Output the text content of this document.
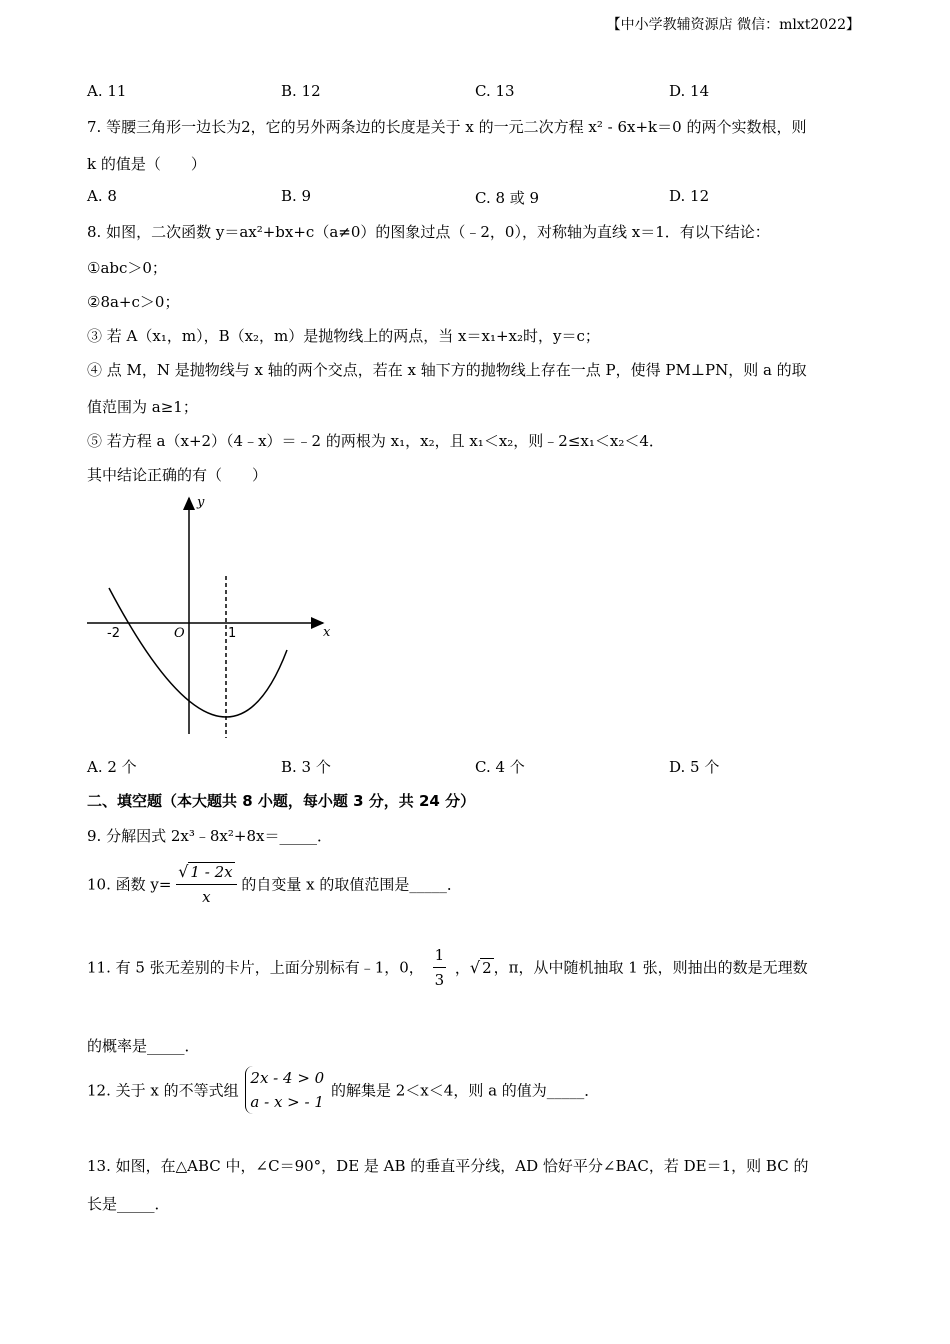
【中小学教辅资源店 微信：mlxt2022】
A. 11	B. 12	C. 13	D. 14
7. 等腰三角形一边长为2，它的另外两条边的长度是关于 x 的一元二次方程 x² - 6x+k＝0 的两个实数根，则
k 的值是（　　）
A. 8	B. 9	C. 8 或 9	D. 12
8. 如图，二次函数 y＝ax²+bx+c（a≠0）的图象过点（﹣2，0），对称轴为直线 x＝1．有以下结论：
①abc＞0；
②8a+c＞0；
③ 若 A（x₁，m），B（x₂，m）是抛物线上的两点，当 x＝x₁+x₂时，y＝c；
④ 点 M，N 是抛物线与 x 轴的两个交点，若在 x 轴下方的抛物线上存在一点 P，使得 PM⊥PN，则 a 的取
值范围为 a≥1；
⑤ 若方程 a（x+2）（4﹣x）＝﹣2 的两根为 x₁，x₂，且 x₁＜x₂，则﹣2≤x₁＜x₂＜4．
其中结论正确的有（　　）
y
x
O
-2	1
A. 2 个	B. 3 个	C. 4 个	D. 5 个
二、填空题（本大题共 8 小题，每小题 3 分，共 24 分）
9. 分解因式 2x³﹣8x²+8x＝_____．
10. 函数 $y= \frac{√ 1 - 2x}{x}$ 的自变量 x 的取值范围是_____．
11. 有 5 张无差别的卡片，上面分别标有﹣1，0， $\frac{1}{3}$ ，√ 2 ，π，从中随机抽取 1 张，则抽出的数是无理数
的概率是_____．
12. 关于 x 的不等式组
2x - 4 > 0
a - x > - 1
的解集是 2＜x＜4，则 a 的值为_____．
13. 如图，在△ABC 中，∠C＝90°，DE 是 AB 的垂直平分线，AD 恰好平分∠BAC，若 DE＝1，则 BC 的
长是_____．
